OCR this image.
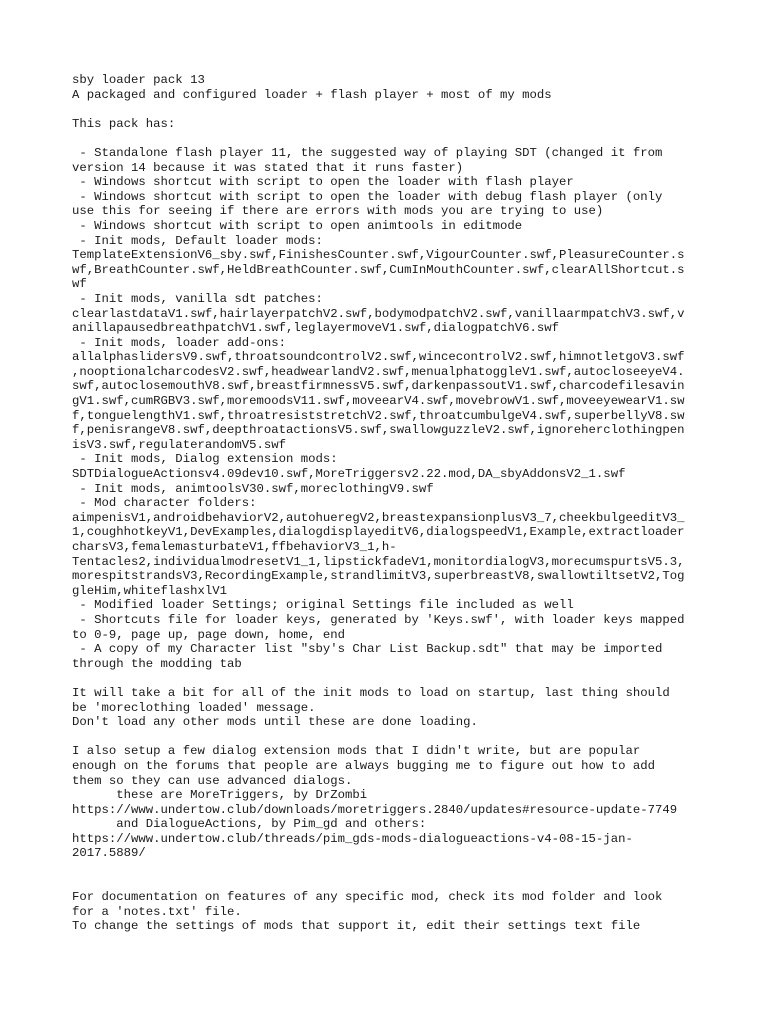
sby loader pack 13
A packaged and configured loader + flash player + most of my mods
This pack has:
- Standalone flash player 11, the suggested way of playing SDT (changed it from
version 14 because it was stated that it runs faster)
- Windows shortcut with script to open the loader with flash player
- Windows shortcut with script to open the loader with debug flash player (only
use this for seeing if there are errors with mods you are trying to use)
- Windows shortcut with script to open animtools in editmode
- Init mods, Default loader mods:
TemplateExtensionV6_sby.swf,FinishesCounter.swf,VigourCounter.swf,PleasureCounter.s
wf,BreathCounter.swf,HeldBreathCounter.swf,CumInMouthCounter.swf,clearAllShortcut.s
wf
- Init mods, vanilla sdt patches:
clearlastdataV1.swf,hairlayerpatchV2.swf,bodymodpatchV2.swf,vanillaarmpatchV3.swf,v
anillapausedbreathpatchV1.swf,leglayermoveV1.swf,dialogpatchV6.swf
- Init mods, loader add-ons:
allalphaslidersV9.swf,throatsoundcontrolV2.swf,wincecontrolV2.swf,himnotletgoV3.swf
,nooptionalcharcodesV2.swf,headwearlandV2.swf,menualphatoggleV1.swf,autocloseeyeV4.
swf,autoclosemouthV8.swf,breastfirmnessV5.swf,darkenpassoutV1.swf,charcodefilesavin
gV1.swf,cumRGBV3.swf,moremoodsV11.swf,moveearV4.swf,movebrowV1.swf,moveeyewearV1.sw
f,tonguelengthV1.swf,throatresiststretchV2.swf,throatcumbulgeV4.swf,superbellyV8.sw
f,penisrangeV8.swf,deepthroatactionsV5.swf,swallowguzzleV2.swf,ignoreherclothingpen
isV3.swf,regulaterandomV5.swf
- Init mods, Dialog extension mods:
SDTDialogueActionsv4.09dev10.swf,MoreTriggersv2.22.mod,DA_sbyAddonsV2_1.swf
- Init mods, animtoolsV30.swf,moreclothingV9.swf
- Mod character folders:
aimpenisV1,androidbehaviorV2,autohueregV2,breastexpansionplusV3_7,cheekbulgeeditV3_
1,coughhotkeyV1,DevExamples,dialogdisplayeditV6,dialogspeedV1,Example,extractloader
charsV3,femalemasturbateV1,ffbehaviorV3_1,h-
Tentacles2,individualmodresetV1_1,lipstickfadeV1,monitordialogV3,morecumspurtsV5.3,
morespitstrandsV3,RecordingExample,strandlimitV3,superbreastV8,swallowtiltsetV2,Tog
gleHim,whiteflashxlV1
- Modified loader Settings; original Settings file included as well
- Shortcuts file for loader keys, generated by 'Keys.swf', with loader keys mapped
to 0-9, page up, page down, home, end
- A copy of my Character list "sby's Char List Backup.sdt" that may be imported
through the modding tab
It will take a bit for all of the init mods to load on startup, last thing should
be 'moreclothing loaded' message.
Don't load any other mods until these are done loading.
I also setup a few dialog extension mods that I didn't write, but are popular
enough on the forums that people are always bugging me to figure out how to add
them so they can use advanced dialogs.
these are MoreTriggers, by DrZombi
https://www.undertow.club/downloads/moretriggers.2840/updates#resource-update-7749
and DialogueActions, by Pim_gd and others:
https://www.undertow.club/threads/pim_gds-mods-dialogueactions-v4-08-15-jan-
2017.5889/
For documentation on features of any specific mod, check its mod folder and look
for a 'notes.txt' file.
To change the settings of mods that support it, edit their settings text file
